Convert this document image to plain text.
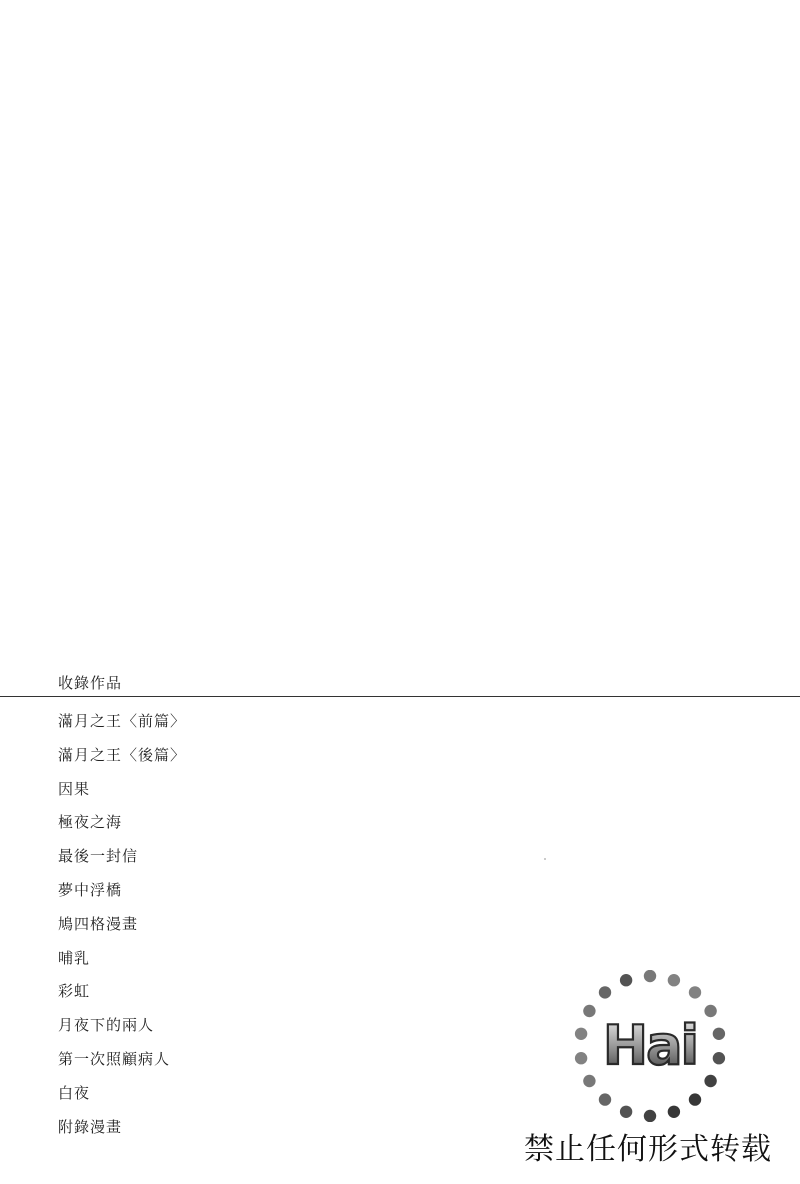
收錄作品
滿月之王〈前篇〉
滿月之王〈後篇〉
因果
極夜之海
最後一封信
夢中浮橋
鳩四格漫畫
哺乳
彩虹
月夜下的兩人
第一次照顧病人
白夜
附錄漫畫
Hai
禁止任何形式转载
